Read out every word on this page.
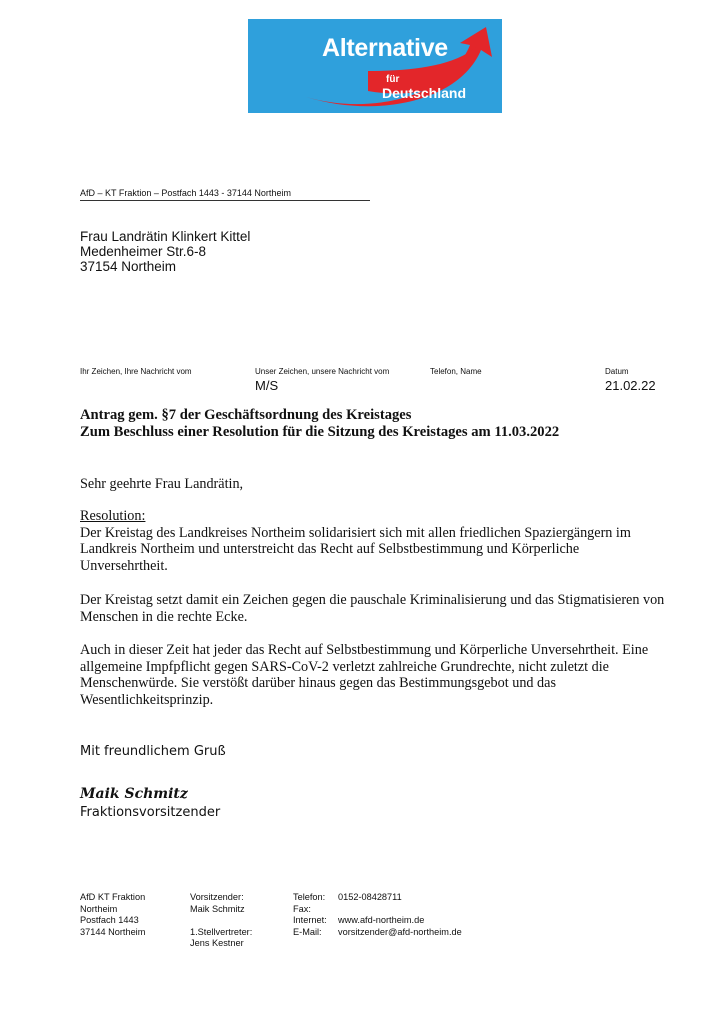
Alternative
für
Deutschland
AfD – KT Fraktion – Postfach 1443 - 37144 Northeim
Frau Landrätin Klinkert Kittel
Medenheimer Str.6-8
37154 Northeim
Ihr Zeichen, Ihre Nachricht vom	Unser Zeichen, unsere Nachricht vom
M/S
Telefon, Name	Datum
21.02.22
Antrag gem. §7 der Geschäftsordnung des Kreistages
Zum Beschluss einer Resolution für die Sitzung des Kreistages am 11.03.2022
Sehr geehrte Frau Landrätin,
Resolution:
Der Kreistag des Landkreises Northeim solidarisiert sich mit allen friedlichen Spaziergängern im Landkreis Northeim und unterstreicht das Recht auf Selbstbestimmung und Körperliche Unversehrtheit.
Der Kreistag setzt damit ein Zeichen gegen die pauschale Kriminalisierung und das Stigmatisieren von Menschen in die rechte Ecke.
Auch in dieser Zeit hat jeder das Recht auf Selbstbestimmung und Körperliche Unversehrtheit. Eine allgemeine Impfpflicht gegen SARS-CoV-2 verletzt zahlreiche Grundrechte, nicht zuletzt die Menschenwürde. Sie verstößt darüber hinaus gegen das Bestimmungsgebot und das Wesentlichkeitsprinzip.
Mit freundlichem Gruß
Maik Schmitz
Fraktionsvorsitzender
AfD KT Fraktion
Northeim
Postfach 1443
37144 Northeim
Vorsitzender:
Maik Schmitz

1.Stellvertreter:
Jens Kestner
Telefon:
Fax:
Internet:
E-Mail:
0152-08428711

www.afd-northeim.de
vorsitzender@afd-northeim.de
